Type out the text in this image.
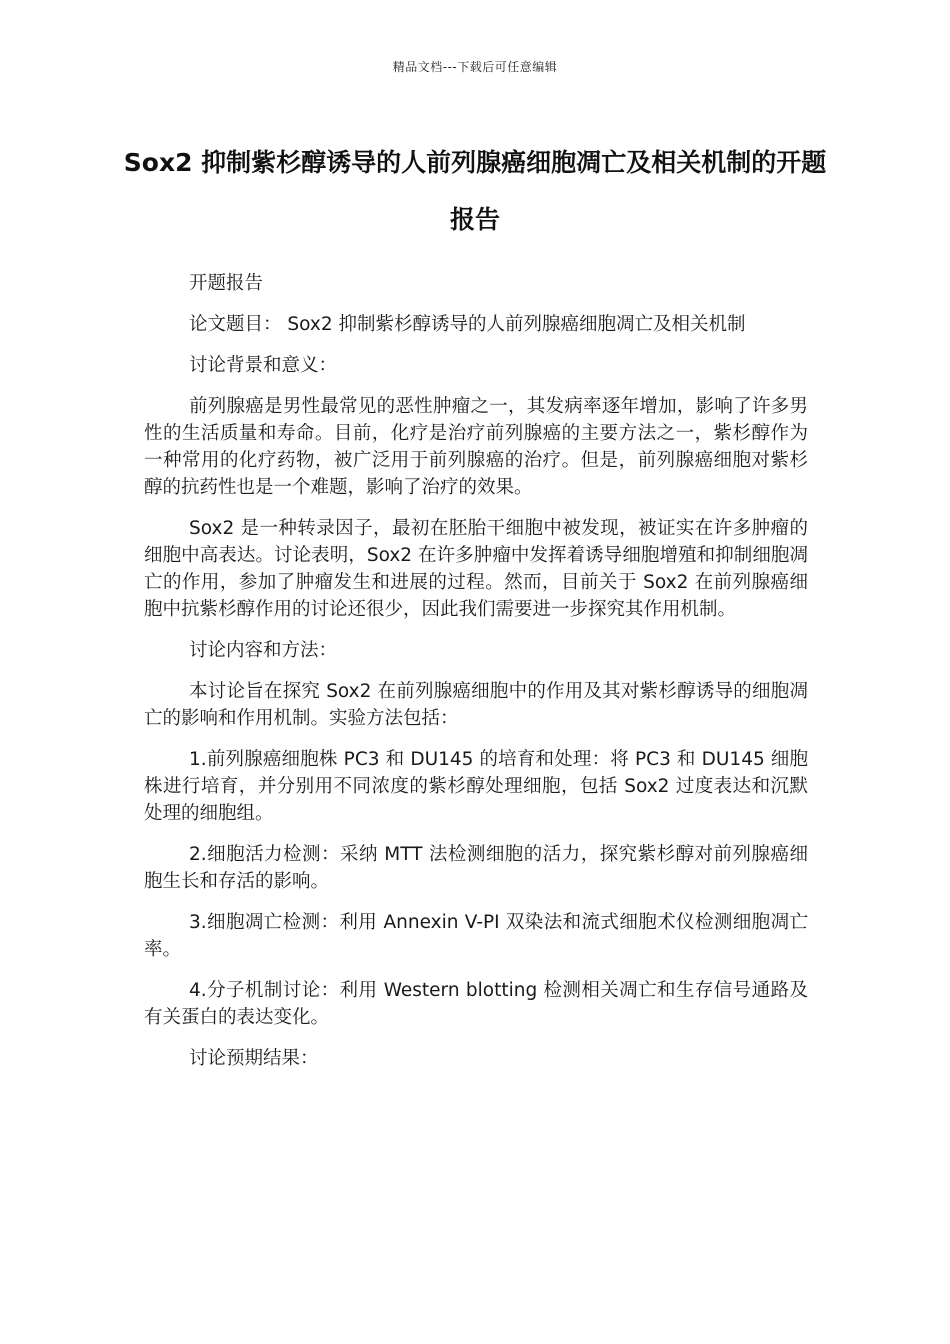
精品文档---下载后可任意编辑
Sox2 抑制紫杉醇诱导的人前列腺癌细胞凋亡及相关机制的开题报告

开题报告

论文题目： Sox2 抑制紫杉醇诱导的人前列腺癌细胞凋亡及相关机制

讨论背景和意义：

前列腺癌是男性最常见的恶性肿瘤之一，其发病率逐年增加，影响了许多男性的生活质量和寿命。目前，化疗是治疗前列腺癌的主要方法之一，紫杉醇作为一种常用的化疗药物，被广泛用于前列腺癌的治疗。但是，前列腺癌细胞对紫杉醇的抗药性也是一个难题，影响了治疗的效果。

Sox2 是一种转录因子，最初在胚胎干细胞中被发现，被证实在许多肿瘤的细胞中高表达。讨论表明，Sox2 在许多肿瘤中发挥着诱导细胞增殖和抑制细胞凋亡的作用，参加了肿瘤发生和进展的过程。然而，目前关于 Sox2 在前列腺癌细胞中抗紫杉醇作用的讨论还很少，因此我们需要进一步探究其作用机制。

讨论内容和方法：

本讨论旨在探究 Sox2 在前列腺癌细胞中的作用及其对紫杉醇诱导的细胞凋亡的影响和作用机制。实验方法包括：

1.前列腺癌细胞株 PC3 和 DU145 的培育和处理：将 PC3 和 DU145 细胞株进行培育，并分别用不同浓度的紫杉醇处理细胞，包括 Sox2 过度表达和沉默处理的细胞组。

2.细胞活力检测：采纳 MTT 法检测细胞的活力，探究紫杉醇对前列腺癌细胞生长和存活的影响。

3.细胞凋亡检测：利用 Annexin V-PI 双染法和流式细胞术仪检测细胞凋亡率。

4.分子机制讨论：利用 Western blotting 检测相关凋亡和生存信号通路及有关蛋白的表达变化。

讨论预期结果：
